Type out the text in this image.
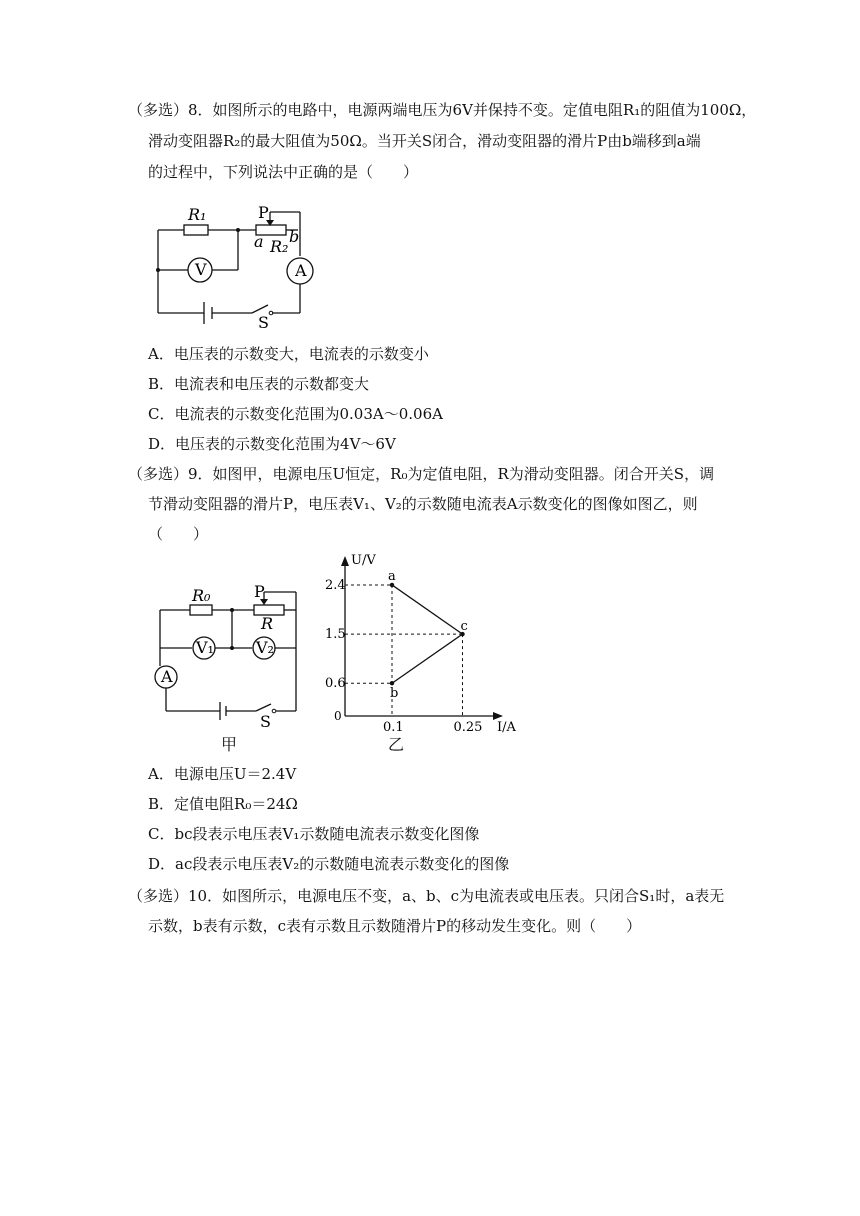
（多选）8．如图所示的电路中，电源两端电压为6V并保持不变。定值电阻R₁的阻值为100Ω，
滑动变阻器R₂的最大阻值为50Ω。当开关S闭合，滑动变阻器的滑片P由b端移到a端
的过程中，下列说法中正确的是（　　）
R₁	P
a b
R₂
V	A
S
A．电压表的示数变大，电流表的示数变小
B．电流表和电压表的示数都变大
C．电流表的示数变化范围为0.03A～0.06A
D．电压表的示数变化范围为4V～6V
（多选）9．如图甲，电源电压U恒定，R₀为定值电阻，R为滑动变阻器。闭合开关S，调
节滑动变阻器的滑片P，电压表V₁、V₂的示数随电流表A示数变化的图像如图乙，则
（　　）
R₀	P
R
V₁	V₂
A
S
甲
a
b
c
2.4
1.5
0.6
0.1	0.25
U/V
I/A
0
乙
A．电源电压U＝2.4V
B．定值电阻R₀＝24Ω
C．bc段表示电压表V₁示数随电流表示数变化图像
D．ac段表示电压表V₂的示数随电流表示数变化的图像
（多选）10．如图所示，电源电压不变，a、b、c为电流表或电压表。只闭合S₁时，a表无
示数，b表有示数，c表有示数且示数随滑片P的移动发生变化。则（　　）
